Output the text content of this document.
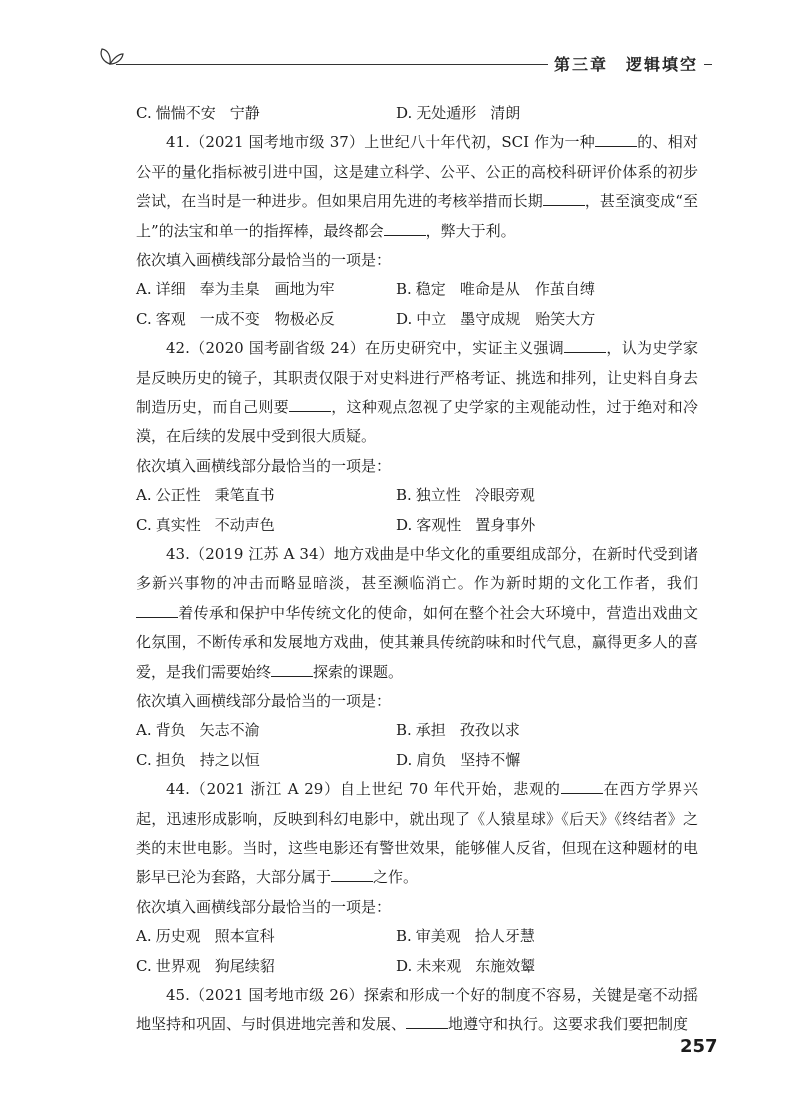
第三章　逻辑填空
C. 惴惴不安 宁静	D. 无处遁形 清朗

41.（2021 国考地市级 37）上世纪八十年代初，SCI 作为一种	的、相对公平的量化指标被引进中国，这是建立科学、公平、公正的高校科研评价体系的初步尝试，在当时是一种进步。但如果启用先进的考核举措而长期	，甚至演变成“至上”的法宝和单一的指挥棒，最终都会	，弊大于利。

依次填入画横线部分最恰当的一项是：

A. 详细 奉为圭臬　画地为牢	B. 稳定 唯命是从　作茧自缚
C. 客观 一成不变　物极必反	D. 中立 墨守成规　贻笑大方

42.（2020 国考副省级 24）在历史研究中，实证主义强调	，认为史学家是反映历史的镜子，其职责仅限于对史料进行严格考证、挑选和排列，让史料自身去制造历史，而自己则要	，这种观点忽视了史学家的主观能动性，过于绝对和冷漠，在后续的发展中受到很大质疑。

依次填入画横线部分最恰当的一项是：

A. 公正性 秉笔直书	B. 独立性 冷眼旁观
C. 真实性 不动声色	D. 客观性 置身事外

43.（2019 江苏 A 34）地方戏曲是中华文化的重要组成部分，在新时代受到诸多新兴事物的冲击而略显暗淡，甚至濒临消亡。作为新时期的文化工作者，我们着传承和保护中华传统文化的使命，如何在整个社会大环境中，营造出戏曲文化氛围，不断传承和发展地方戏曲，使其兼具传统韵味和时代气息，赢得更多人的喜爱，是我们需要始终	探索的课题。

依次填入画横线部分最恰当的一项是：

A. 背负 矢志不渝	B. 承担 孜孜以求
C. 担负 持之以恒	D. 肩负 坚持不懈

44.（2021 浙江 A 29）自上世纪 70 年代开始，悲观的	在西方学界兴起，迅速形成影响，反映到科幻电影中，就出现了《人猿星球》《后天》《终结者》之类的末世电影。当时，这些电影还有警世效果，能够催人反省，但现在这种题材的电影早已沦为套路，大部分属于	之作。

依次填入画横线部分最恰当的一项是：

A. 历史观 照本宣科	B. 审美观 拾人牙慧
C. 世界观 狗尾续貂	D. 未来观 东施效颦

45.（2021 国考地市级 26）探索和形成一个好的制度不容易，关键是毫不动摇地坚持和巩固、与时俱进地完善和发展、	地遵守和执行。这要求我们要把制度

257
